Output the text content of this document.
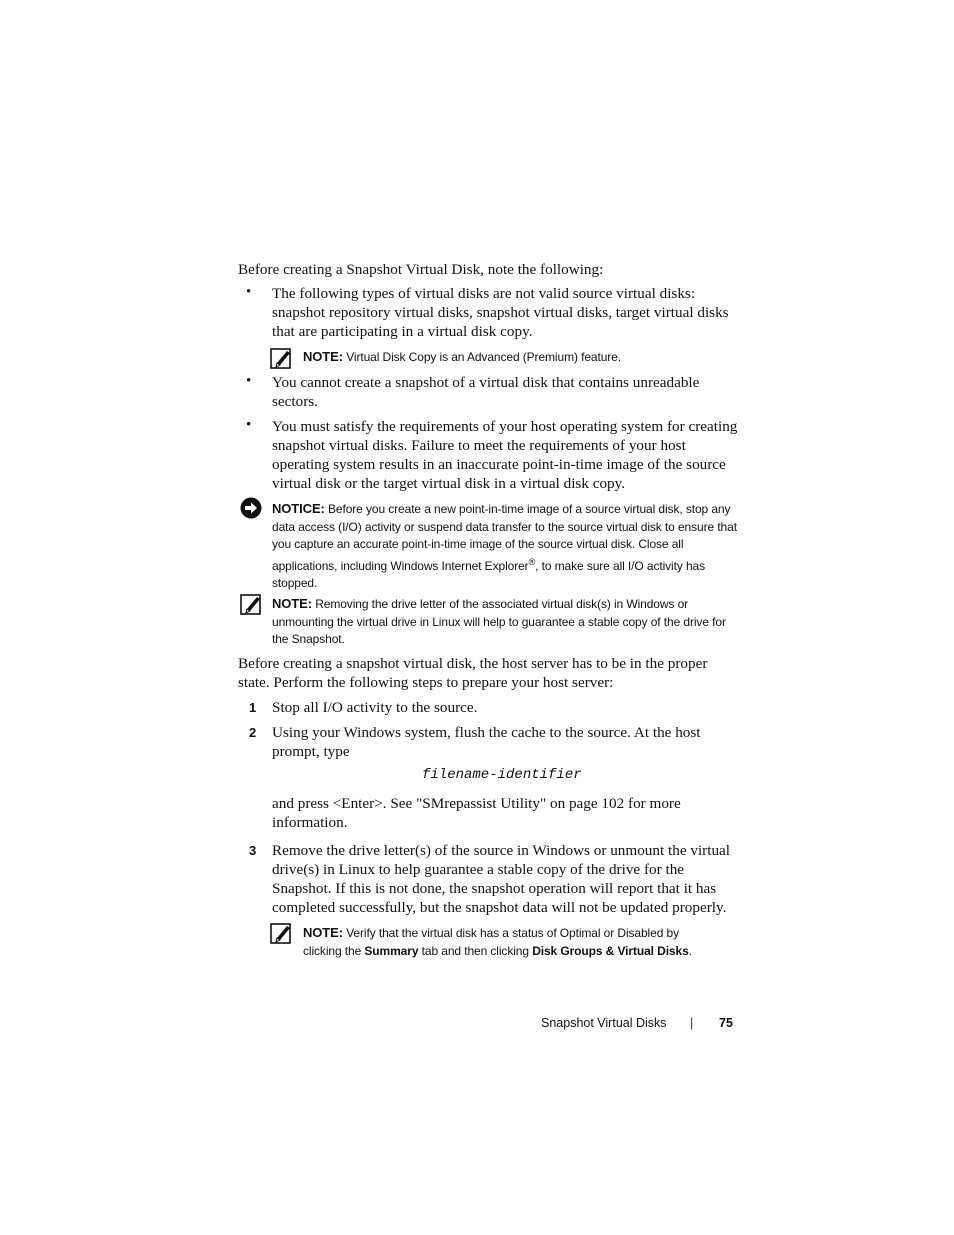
Before creating a Snapshot Virtual Disk, note the following:
•	The following types of virtual disks are not valid source virtual disks: snapshot repository virtual disks, snapshot virtual disks, target virtual disks that are participating in a virtual disk copy.
NOTE: Virtual Disk Copy is an Advanced (Premium) feature.
•	You cannot create a snapshot of a virtual disk that contains unreadable sectors.
•	You must satisfy the requirements of your host operating system for creating snapshot virtual disks. Failure to meet the requirements of your host operating system results in an inaccurate point-in-time image of the source virtual disk or the target virtual disk in a virtual disk copy.
NOTICE: Before you create a new point-in-time image of a source virtual disk, stop any data access (I/O) activity or suspend data transfer to the source virtual disk to ensure that you capture an accurate point-in-time image of the source virtual disk. Close all applications, including Windows Internet Explorer®, to make sure all I/O activity has stopped.
NOTE: Removing the drive letter of the associated virtual disk(s) in Windows or unmounting the virtual drive in Linux will help to guarantee a stable copy of the drive for the Snapshot.
Before creating a snapshot virtual disk, the host server has to be in the proper state. Perform the following steps to prepare your host server:
1 Stop all I/O activity to the source.
2 Using your Windows system, flush the cache to the source. At the host prompt, type
filename-identifier
and press <Enter>. See "SMrepassist Utility" on page 102 for more information.
3 Remove the drive letter(s) of the source in Windows or unmount the virtual drive(s) in Linux to help guarantee a stable copy of the drive for the Snapshot. If this is not done, the snapshot operation will report that it has completed successfully, but the snapshot data will not be updated properly.
NOTE: Verify that the virtual disk has a status of Optimal or Disabled by clicking the Summary tab and then clicking Disk Groups & Virtual Disks.
Snapshot Virtual Disks | 75
